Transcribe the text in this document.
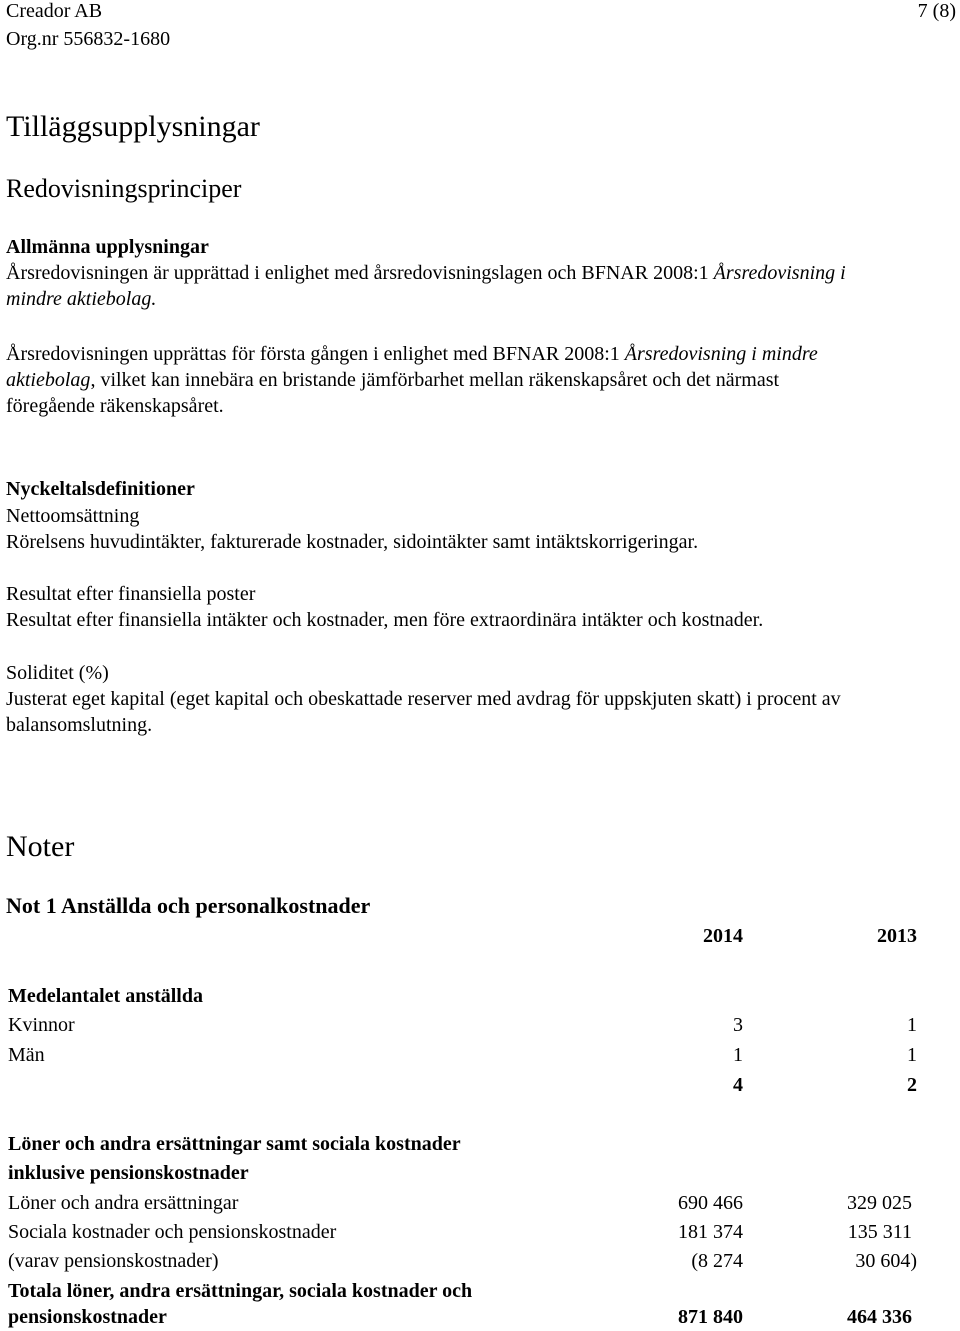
Creador AB
Org.nr 556832-1680
7 (8)
Tilläggsupplysningar
Redovisningsprinciper
Allmänna upplysningar
Årsredovisningen är upprättad i enlighet med årsredovisningslagen och BFNAR 2008:1 Årsredovisning i
mindre aktiebolag.
Årsredovisningen upprättas för första gången i enlighet med BFNAR 2008:1 Årsredovisning i mindre
aktiebolag, vilket kan innebära en bristande jämförbarhet mellan räkenskapsåret och det närmast
föregående räkenskapsåret.
Nyckeltalsdefinitioner
Nettoomsättning
Rörelsens huvudintäkter, fakturerade kostnader, sidointäkter samt intäktskorrigeringar.
Resultat efter finansiella poster
Resultat efter finansiella intäkter och kostnader, men före extraordinära intäkter och kostnader.
Soliditet (%)
Justerat eget kapital (eget kapital och obeskattade reserver med avdrag för uppskjuten skatt) i procent av
balansomslutning.
Noter
Not 1 Anställda och personalkostnader
2014	2013
Medelantalet anställda
Kvinnor	3	1
Män	1	1
4	2
Löner och andra ersättningar samt sociala kostnader
inklusive pensionskostnader
Löner och andra ersättningar	690 466	329 025
Sociala kostnader och pensionskostnader	181 374	135 311
(varav pensionskostnader)	(8 274	30 604)
Totala löner, andra ersättningar, sociala kostnader och
pensionskostnader	871 840	464 336
